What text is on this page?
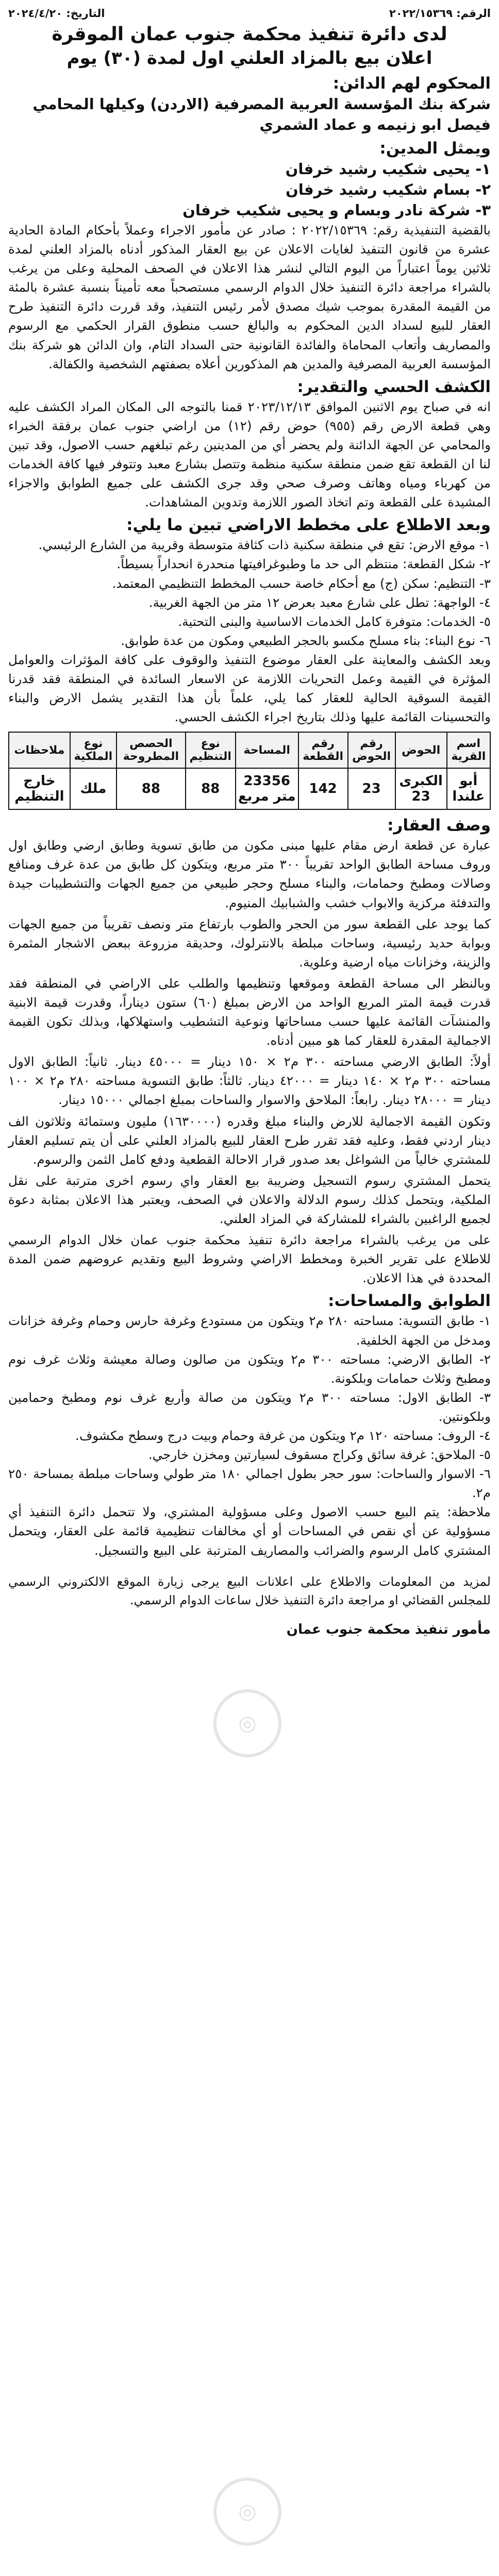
الرقم: ٢٠٢٢/١٥٣٦٩
التاريخ: ٢٠٢٤/٤/٢٠

لدى دائرة تنفيذ محكمة جنوب عمان الموقرة

اعلان بيع بالمزاد العلني اول لمدة (٣٠) يوم

المحكوم لهم الدائن:

شركة بنك المؤسسة العربية المصرفية (الاردن) وكيلها المحامي فيصل ابو زنيمه و عماد الشمري

ويمثل المدين:

١- يحيى شكيب رشيد خرفان

٢- بسام شكيب رشيد خرفان

٣- شركة نادر وبسام و يحيى شكيب خرفان

بالقضية التنفيذية رقم: ٢٠٢٢/١٥٣٦٩ : صادر عن مأمور الاجراء وعملاً بأحكام المادة الحادية عشرة من قانون التنفيذ لغايات الاعلان عن بيع العقار المذكور أدناه بالمزاد العلني لمدة ثلاثين يوماً اعتباراً من اليوم التالي لنشر هذا الاعلان في الصحف المحلية وعلى من يرغب بالشراء مراجعة دائرة التنفيذ خلال الدوام الرسمي مستصحباً معه تأميناً بنسبة عشرة بالمئة من القيمة المقدرة بموجب شيك مصدق لأمر رئيس التنفيذ، وقد قررت دائرة التنفيذ طرح العقار للبيع لسداد الدين المحكوم به والبالغ حسب منطوق القرار الحكمي مع الرسوم والمصاريف وأتعاب المحاماة والفائدة القانونية حتى السداد التام، وان الدائن هو شركة بنك المؤسسة العربية المصرفية والمدين هم المذكورين أعلاه بصفتهم الشخصية والكفالة.

الكشف الحسي والتقدير:

انه في صباح يوم الاثنين الموافق ٢٠٢٣/١٢/١٣ قمنا بالتوجه الى المكان المراد الكشف عليه وهي قطعة الارض رقم (٩٥٥) حوض رقم (١٢) من اراضي جنوب عمان برفقة الخبراء والمحامي عن الجهة الدائنة ولم يحضر أي من المدينين رغم تبلغهم حسب الاصول، وقد تبين لنا ان القطعة تقع ضمن منطقة سكنية منظمة وتتصل بشارع معبد وتتوفر فيها كافة الخدمات من كهرباء ومياه وهاتف وصرف صحي وقد جرى الكشف على جميع الطوابق والاجزاء المشيدة على القطعة وتم اتخاذ الصور اللازمة وتدوين المشاهدات.

وبعد الاطلاع على مخطط الاراضي تبين ما يلي:

١- موقع الارض: تقع في منطقة سكنية ذات كثافة متوسطة وقريبة من الشارع الرئيسي.
٢- شكل القطعة: منتظم الى حد ما وطبوغرافيتها منحدرة انحداراً بسيطاً.
٣- التنظيم: سكن (ج) مع أحكام خاصة حسب المخطط التنظيمي المعتمد.
٤- الواجهة: تطل على شارع معبد بعرض ١٢ متر من الجهة الغربية.
٥- الخدمات: متوفرة كامل الخدمات الاساسية والبنى التحتية.
٦- نوع البناء: بناء مسلح مكسو بالحجر الطبيعي ومكون من عدة طوابق.

وبعد الكشف والمعاينة على العقار موضوع التنفيذ والوقوف على كافة المؤثرات والعوامل المؤثرة في القيمة وعمل التحريات اللازمة عن الاسعار السائدة في المنطقة فقد قدرنا القيمة السوقية الحالية للعقار كما يلي، علماً بأن هذا التقدير يشمل الارض والبناء والتحسينات القائمة عليها وذلك بتاريخ اجراء الكشف الحسي.

اسم القرية	الحوض	رقم الحوض	رقم القطعة	المساحة	نوع التنظيم	الحصص المطروحة	نوع الملكية	ملاحظات
أبو علندا	الكبرى 23	23	142	23356 متر مربع	88	88	ملك	خارج التنظيم

وصف العقار:

عبارة عن قطعة ارض مقام عليها مبنى مكون من طابق تسوية وطابق ارضي وطابق اول وروف مساحة الطابق الواحد تقريباً ٣٠٠ متر مربع، ويتكون كل طابق من عدة غرف ومنافع وصالات ومطبخ وحمامات، والبناء مسلح وحجر طبيعي من جميع الجهات والتشطيبات جيدة والتدفئة مركزية والابواب خشب والشبابيك المنيوم.

كما يوجد على القطعة سور من الحجر والطوب بارتفاع متر ونصف تقريباً من جميع الجهات وبوابة حديد رئيسية، وساحات مبلطة بالانترلوك، وحديقة مزروعة ببعض الاشجار المثمرة والزينة، وخزانات مياه ارضية وعلوية.

وبالنظر الى مساحة القطعة وموقعها وتنظيمها والطلب على الاراضي في المنطقة فقد قدرت قيمة المتر المربع الواحد من الارض بمبلغ (٦٠) ستون ديناراً، وقدرت قيمة الابنية والمنشآت القائمة عليها حسب مساحاتها ونوعية التشطيب واستهلاكها، وبذلك تكون القيمة الاجمالية المقدرة للعقار كما هو مبين أدناه.

أولاً: الطابق الارضي مساحته ٣٠٠ م٢ × ١٥٠ دينار = ٤٥٠٠٠ دينار. ثانياً: الطابق الاول مساحته ٣٠٠ م٢ × ١٤٠ دينار = ٤٢٠٠٠ دينار. ثالثاً: طابق التسوية مساحته ٢٨٠ م٢ × ١٠٠ دينار = ٢٨٠٠٠ دينار. رابعاً: الملاحق والاسوار والساحات بمبلغ اجمالي ١٥٠٠٠ دينار.

وتكون القيمة الاجمالية للارض والبناء مبلغ وقدره (١٦٣٠٠٠٠) مليون وستمائة وثلاثون الف دينار اردني فقط، وعليه فقد تقرر طرح العقار للبيع بالمزاد العلني على أن يتم تسليم العقار للمشتري خالياً من الشواغل بعد صدور قرار الاحالة القطعية ودفع كامل الثمن والرسوم.

يتحمل المشتري رسوم التسجيل وضريبة بيع العقار واي رسوم اخرى مترتبة على نقل الملكية، ويتحمل كذلك رسوم الدلالة والاعلان في الصحف، ويعتبر هذا الاعلان بمثابة دعوة لجميع الراغبين بالشراء للمشاركة في المزاد العلني.

على من يرغب بالشراء مراجعة دائرة تنفيذ محكمة جنوب عمان خلال الدوام الرسمي للاطلاع على تقرير الخبرة ومخطط الاراضي وشروط البيع وتقديم عروضهم ضمن المدة المحددة في هذا الاعلان.

الطوابق والمساحات:

١- طابق التسوية: مساحته ٢٨٠ م٢ ويتكون من مستودع وغرفة حارس وحمام وغرفة خزانات ومدخل من الجهة الخلفية.
٢- الطابق الارضي: مساحته ٣٠٠ م٢ ويتكون من صالون وصالة معيشة وثلاث غرف نوم ومطبخ وثلاث حمامات وبلكونة.
٣- الطابق الاول: مساحته ٣٠٠ م٢ ويتكون من صالة وأربع غرف نوم ومطبخ وحمامين وبلكونتين.
٤- الروف: مساحته ١٢٠ م٢ ويتكون من غرفة وحمام وبيت درج وسطح مكشوف.
٥- الملاحق: غرفة سائق وكراج مسقوف لسيارتين ومخزن خارجي.
٦- الاسوار والساحات: سور حجر بطول اجمالي ١٨٠ متر طولي وساحات مبلطة بمساحة ٢٥٠ م٢.

ملاحظة: يتم البيع حسب الاصول وعلى مسؤولية المشتري، ولا تتحمل دائرة التنفيذ أي مسؤولية عن أي نقص في المساحات أو أي مخالفات تنظيمية قائمة على العقار، ويتحمل المشتري كامل الرسوم والضرائب والمصاريف المترتبة على البيع والتسجيل.

لمزيد من المعلومات والاطلاع على اعلانات البيع يرجى زيارة الموقع الالكتروني الرسمي للمجلس القضائي او مراجعة دائرة التنفيذ خلال ساعات الدوام الرسمي.

مأمور تنفيذ محكمة جنوب عمان

◎
◎
